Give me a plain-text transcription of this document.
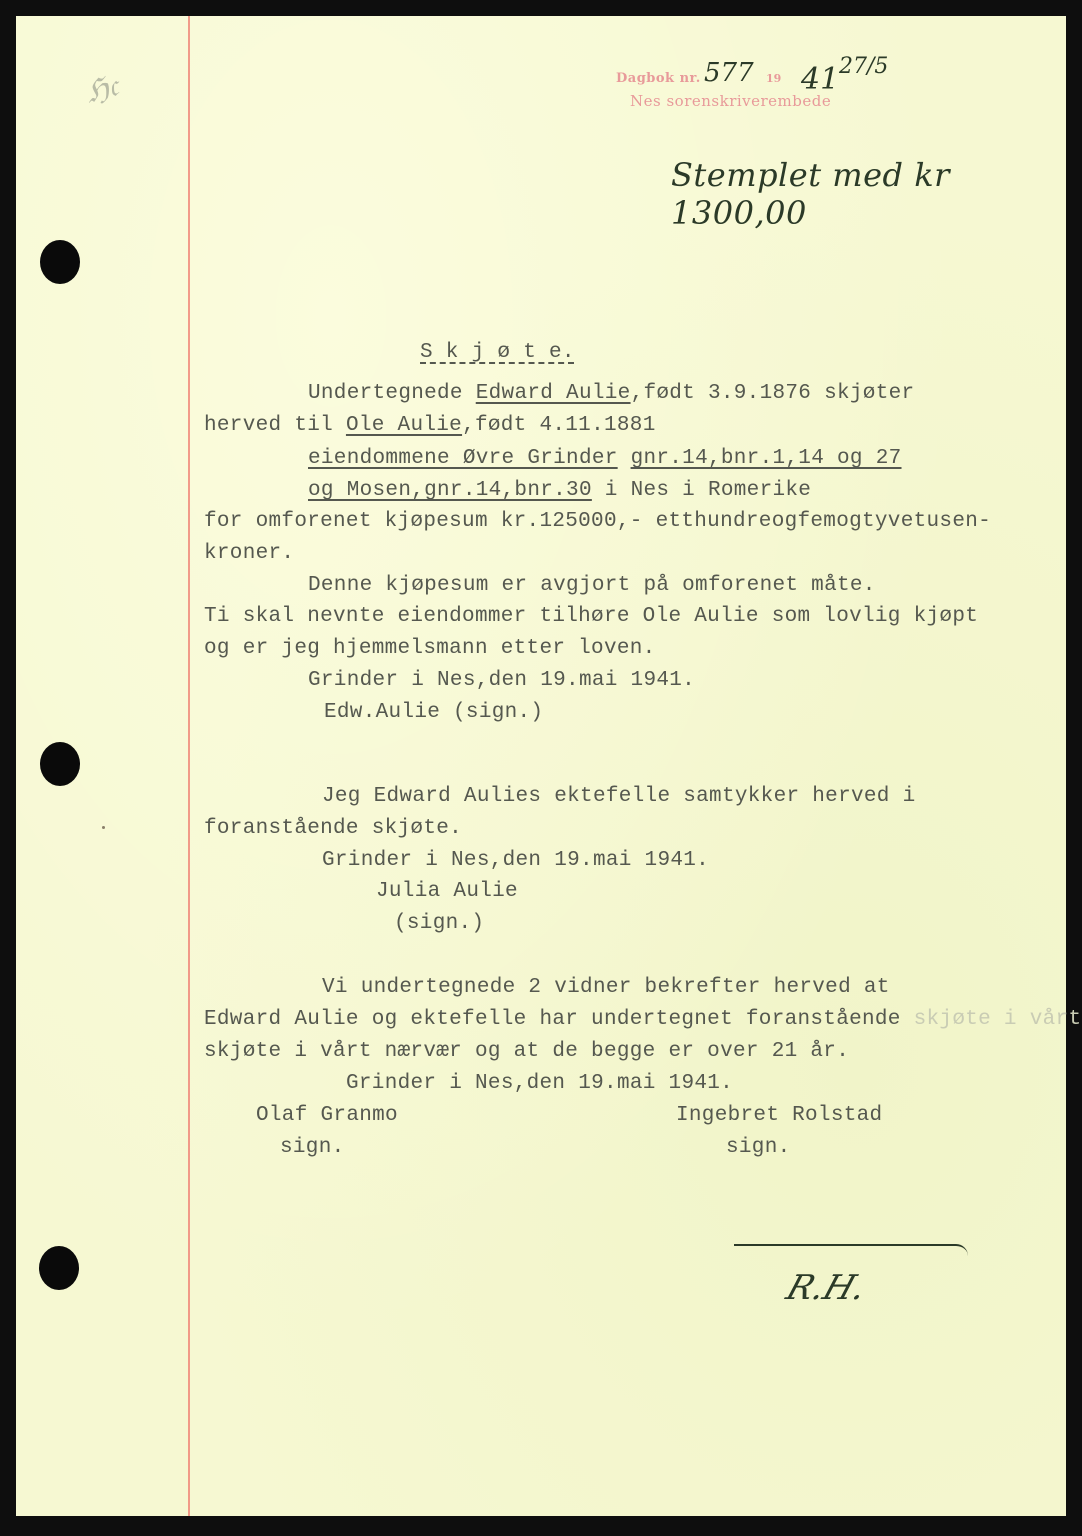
ℌ𝔠	Dagbok nr.	19
Nes sorenskriverembede
577 41 27/5
Stemplet med kr 1300,00
S k j ø t e.
Undertegnede Edward Aulie,født 3.9.1876 skjøter
herved til Ole Aulie,født 4.11.1881
eiendommene Øvre Grinder gnr.14,bnr.1,14 og 27
og Mosen,gnr.14,bnr.30 i Nes i Romerike
for omforenet kjøpesum kr.125000,- etthundreogfemogtyvetusen-
kroner.
Denne kjøpesum er avgjort på omforenet måte.
Ti skal nevnte eiendommer tilhøre Ole Aulie som lovlig kjøpt
og er jeg hjemmelsmann etter loven.
Grinder i Nes,den 19.mai 1941.
Edw.Aulie (sign.)
Jeg Edward Aulies ektefelle samtykker herved i
foranstående skjøte.
Grinder i Nes,den 19.mai 1941.
Julia Aulie
(sign.)
Vi undertegnede 2 vidner bekrefter herved at
Edward Aulie og ektefelle har undertegnet foranstående skjøte i vårt
skjøte i vårt nærvær og at de begge er over 21 år.
Grinder i Nes,den 19.mai 1941.
Olaf Granmo
sign.
Ingebret Rolstad
sign.
R.H.
